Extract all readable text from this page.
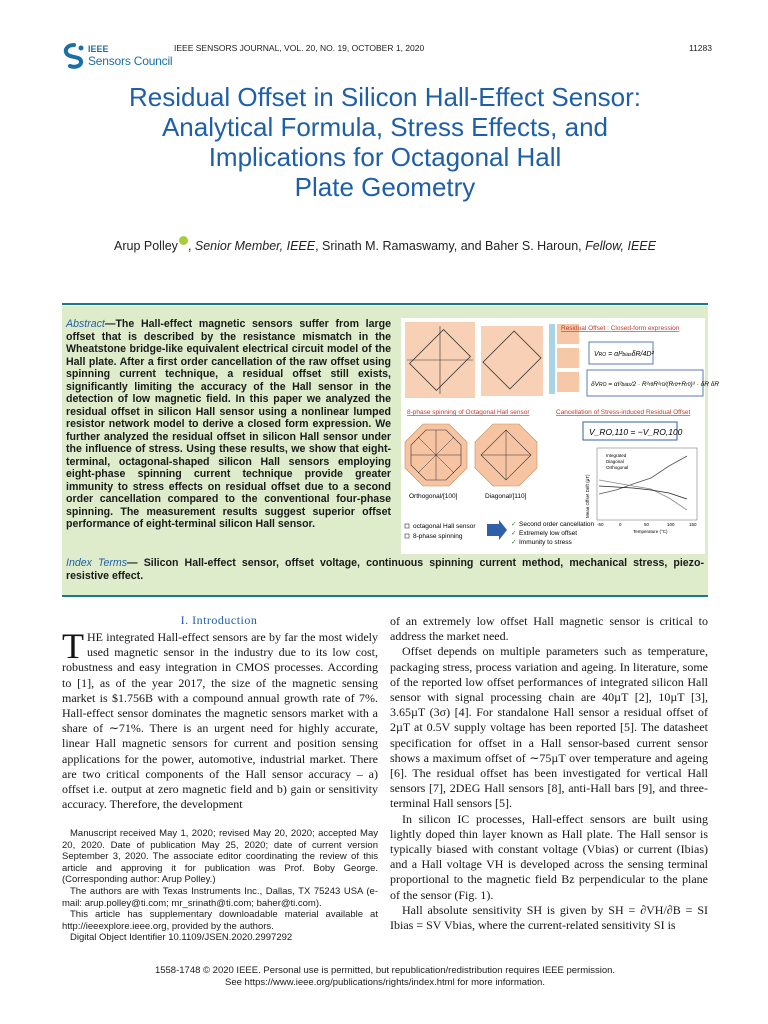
IEEE
Sensors Council
IEEE SENSORS JOURNAL, VOL. 20, NO. 19, OCTOBER 1, 2020	11283
Residual Offset in Silicon Hall-Effect Sensor:
Analytical Formula, Stress Effects, and
Implications for Octagonal Hall
Plate Geometry
Arup Polley , Senior Member, IEEE, Srinath M. Ramaswamy, and Baher S. Haroun, Fellow, IEEE
Abstract—The Hall-effect magnetic sensors suffer from large offset that is described by the resistance mismatch in the Wheatstone bridge-like equivalent electrical circuit model of the Hall plate. After a first order cancellation of the raw offset using spinning current technique, a residual offset still exists, significantly limiting the accuracy of the Hall sensor in the detection of low magnetic field. In this paper we analyzed the residual offset in silicon Hall sensor using a nonlinear lumped resistor network model to derive a closed form expression. We further analyzed the residual offset in silicon Hall sensor under the influence of stress. Using these results, we show that eight-terminal, octagonal-shaped silicon Hall sensors employing eight-phase spinning current technique provide greater immunity to stress effects on residual offset due to a second order cancellation compared to the conventional four-phase spinning. The measurement results suggest superior offset performance of eight-terminal silicon Hall sensor.
Residual Offset : Closed-form expression
VRO = αI²biasδR/4D²
δVRO = αI²bias/2 · R²rθR²r0/(Rrθ+Rr0)³ · δR δR
8-phase spinning of Octagonal Hall sensor	Cancellation of Stress-induced Residual Offset
Orthogonal/[100]	Diagonal/[110]
V_RO,110 = −V_RO,100
Integrated
Diagonal
Orthogonal
-50	0	50	100	150
Temperature (°C)
Mean Offset Drift (µT)
octagonal Hall sensor
8-phase spinning
✓ Second order cancellation
✓ Extremely low offset
✓ Immunity to stress
Index Terms— Silicon Hall-effect sensor, offset voltage, continuous spinning current method, mechanical stress, piezo-resistive effect.
I. Introduction

THE integrated Hall-effect sensors are by far the most widely used magnetic sensor in the industry due to its low cost, robustness and easy integration in CMOS processes. According to [1], as of the year 2017, the size of the magnetic sensing market is $1.756B with a compound annual growth rate of 7%. Hall-effect sensor dominates the magnetic sensors market with a share of ∼71%. There is an urgent need for highly accurate, linear Hall magnetic sensors for current and position sensing applications for the power, automotive, industrial market. There are two critical components of the Hall sensor accuracy – a) offset i.e. output at zero magnetic field and b) gain or sensitivity accuracy. Therefore, the development

Manuscript received May 1, 2020; revised May 20, 2020; accepted May 20, 2020. Date of publication May 25, 2020; date of current version September 3, 2020. The associate editor coordinating the review of this article and approving it for publication was Prof. Boby George. (Corresponding author: Arup Polley.)

The authors are with Texas Instruments Inc., Dallas, TX 75243 USA (e-mail: arup.polley@ti.com; mr_srinath@ti.com; baher@ti.com).

This article has supplementary downloadable material available at http://ieeexplore.ieee.org, provided by the authors.

Digital Object Identifier 10.1109/JSEN.2020.2997292

of an extremely low offset Hall magnetic sensor is critical to address the market need.

Offset depends on multiple parameters such as temperature, packaging stress, process variation and ageing. In literature, some of the reported low offset performances of integrated silicon Hall sensor with signal processing chain are 40µT [2], 10µT [3], 3.65µT (3σ) [4]. For standalone Hall sensor a residual offset of 2µT at 0.5V supply voltage has been reported [5]. The datasheet specification for offset in a Hall sensor-based current sensor shows a maximum offset of ∼75µT over temperature and ageing [6]. The residual offset has been investigated for vertical Hall sensors [7], 2DEG Hall sensors [8], anti-Hall bars [9], and three-terminal Hall sensors [5].

In silicon IC processes, Hall-effect sensors are built using lightly doped thin layer known as Hall plate. The Hall sensor is typically biased with constant voltage (Vbias) or current (Ibias) and a Hall voltage VH is developed across the sensing terminal proportional to the magnetic field Bz perpendicular to the plane of the sensor (Fig. 1).

Hall absolute sensitivity SH is given by SH = ∂VH/∂B = SI Ibias = SV Vbias, where the current-related sensitivity SI is

1558-1748 © 2020 IEEE. Personal use is permitted, but republication/redistribution requires IEEE permission.
See https://www.ieee.org/publications/rights/index.html for more information.
